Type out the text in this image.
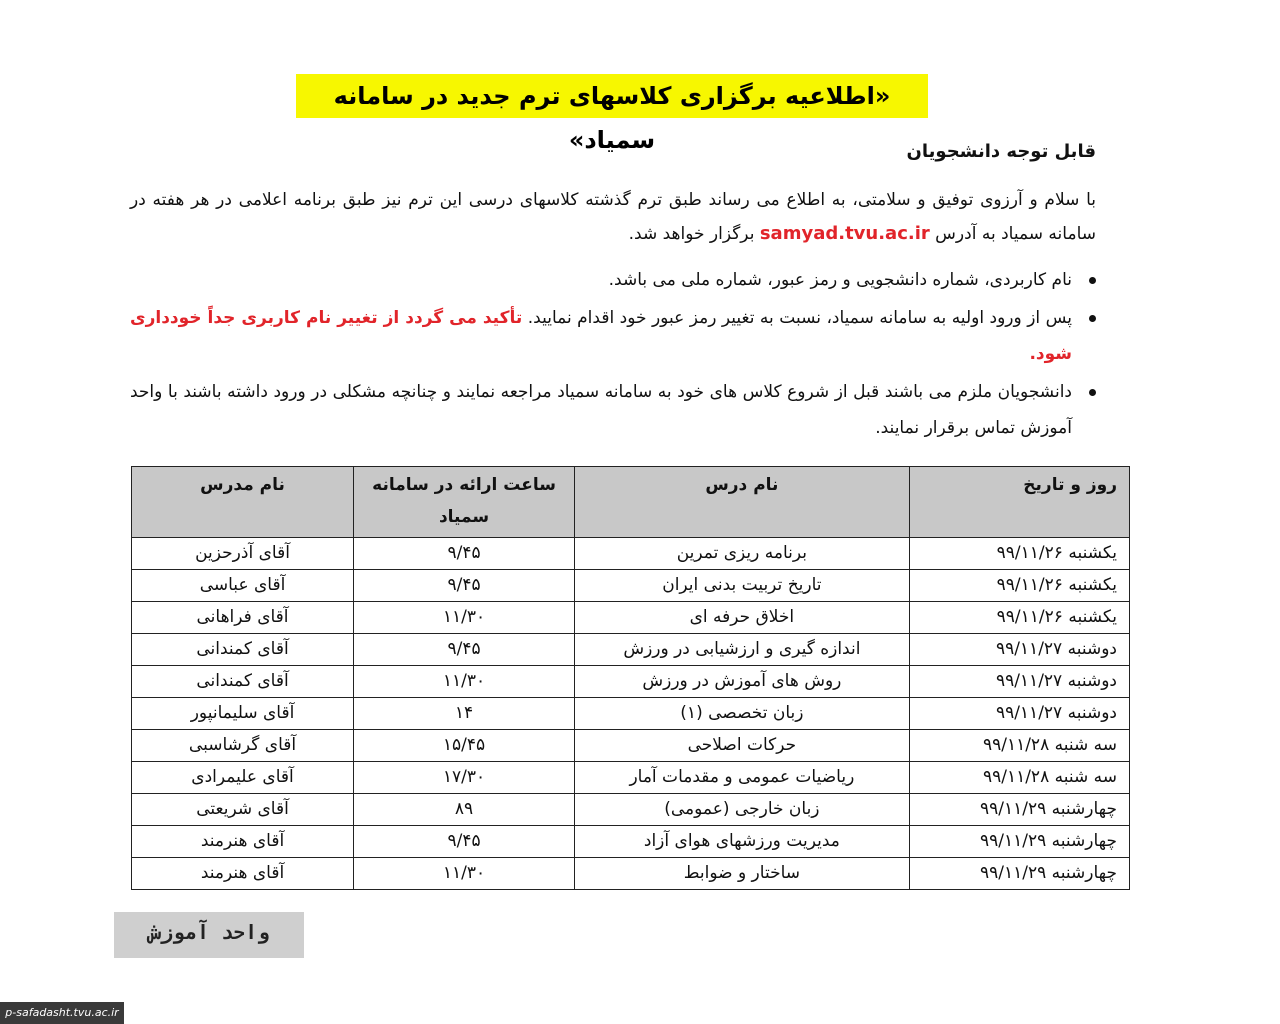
«اطلاعیه برگزاری کلاسهای ترم جدید در سامانه سمیاد»	قابل توجه دانشجویان
با سلام و آرزوی توفیق و سلامتی، به اطلاع می رساند طبق ترم گذشته کلاسهای درسی این ترم نیز طبق برنامه اعلامی در هر هفته در سامانه سمیاد به آدرس samyad.tvu.ac.ir برگزار خواهد شد.
نام کاربردی، شماره دانشجویی و رمز عبور، شماره ملی می باشد.
پس از ورود اولیه به سامانه سمیاد، نسبت به تغییر رمز عبور خود اقدام نمایید. تأکید می گردد از تغییر نام کاربری جداً خودداری شود.
دانشجویان ملزم می باشند قبل از شروع کلاس های خود به سامانه سمیاد مراجعه نمایند و چنانچه مشکلی در ورود داشته باشند با واحد آموزش تماس برقرار نمایند.
روز و تاریخ	نام درس	ساعت ارائه در سامانه سمیاد	نام مدرس
یکشنبه ۹۹/۱۱/۲۶	برنامه ریزی تمرین	۹/۴۵	آقای آذرحزین
یکشنبه ۹۹/۱۱/۲۶	تاریخ تربیت بدنی ایران	۹/۴۵	آقای عباسی
یکشنبه ۹۹/۱۱/۲۶	اخلاق حرفه ای	۱۱/۳۰	آقای فراهانی
دوشنبه ۹۹/۱۱/۲۷	اندازه گیری و ارزشیابی در ورزش	۹/۴۵	آقای کمندانی
دوشنبه ۹۹/۱۱/۲۷	روش های آموزش در ورزش	۱۱/۳۰	آقای کمندانی
دوشنبه ۹۹/۱۱/۲۷	زبان تخصصی (۱)	۱۴	آقای سلیمانپور
سه شنبه ۹۹/۱۱/۲۸	حرکات اصلاحی	۱۵/۴۵	آقای گرشاسبی
سه شنبه ۹۹/۱۱/۲۸	ریاضیات عمومی و مقدمات آمار	۱۷/۳۰	آقای علیمرادی
چهارشنبه ۹۹/۱۱/۲۹	زبان خارجی (عمومی)	۸۹	آقای شریعتی
چهارشنبه ۹۹/۱۱/۲۹	مدیریت ورزشهای هوای آزاد	۹/۴۵	آقای هنرمند
چهارشنبه ۹۹/۱۱/۲۹	ساختار و ضوابط	۱۱/۳۰	آقای هنرمند
واحد آموزش
p-safadasht.tvu.ac.ir
